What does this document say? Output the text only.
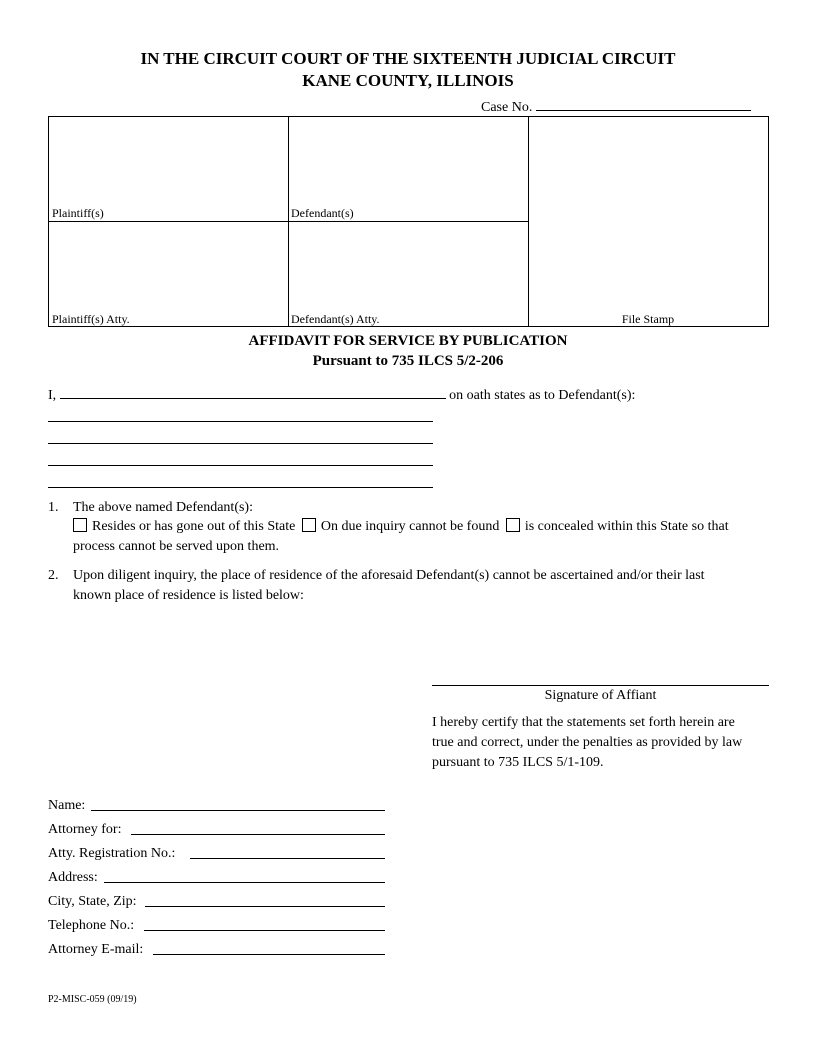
IN THE CIRCUIT COURT OF THE SIXTEENTH JUDICIAL CIRCUIT
KANE COUNTY, ILLINOIS
Case No.
Plaintiff(s)	Defendant(s)
Plaintiff(s) Atty.	Defendant(s) Atty.	File Stamp
AFFIDAVIT FOR SERVICE BY PUBLICATION
Pursuant to 735 ILCS 5/2-206
I,	on oath states as to Defendant(s):
1. The above named Defendant(s):
Resides or has gone out of this State On due inquiry cannot be found is concealed within this State so that
process cannot be served upon them.
2. Upon diligent inquiry, the place of residence of the aforesaid Defendant(s) cannot be ascertained and/or their last
known place of residence is listed below:
Signature of Affiant
I hereby certify that the statements set forth herein are
true and correct, under the penalties as provided by law
pursuant to 735 ILCS 5/1-109.
Name:
Attorney for:
Atty. Registration No.:
Address:
City, State, Zip:
Telephone No.:
Attorney E-mail:
P2-MISC-059 (09/19)
